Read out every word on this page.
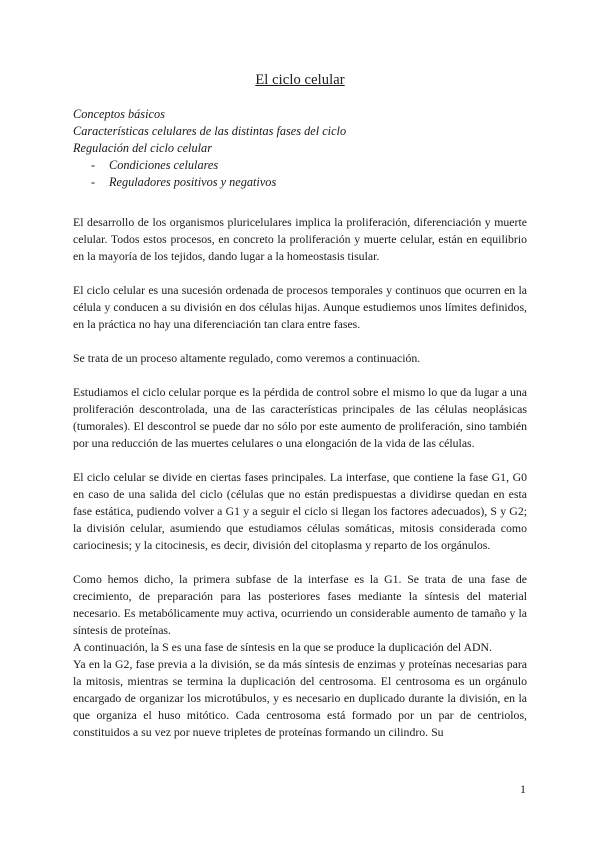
El ciclo celular
Conceptos básicos
Características celulares de las distintas fases del ciclo
Regulación del ciclo celular
- Condiciones celulares
- Reguladores positivos y negativos

El desarrollo de los organismos pluricelulares implica la proliferación, diferenciación y muerte celular. Todos estos procesos, en concreto la proliferación y muerte celular, están en equilibrio en la mayoría de los tejidos, dando lugar a la homeostasis tisular.

El ciclo celular es una sucesión ordenada de procesos temporales y continuos que ocurren en la célula y conducen a su división en dos células hijas. Aunque estudiemos unos límites definidos, en la práctica no hay una diferenciación tan clara entre fases.

Se trata de un proceso altamente regulado, como veremos a continuación.

Estudiamos el ciclo celular porque es la pérdida de control sobre el mismo lo que da lugar a una proliferación descontrolada, una de las características principales de las células neoplásicas (tumorales). El descontrol se puede dar no sólo por este aumento de proliferación, sino también por una reducción de las muertes celulares o una elongación de la vida de las células.

El ciclo celular se divide en ciertas fases principales. La interfase, que contiene la fase G1, G0 en caso de una salida del ciclo (células que no están predispuestas a dividirse quedan en esta fase estática, pudiendo volver a G1 y a seguir el ciclo si llegan los factores adecuados), S y G2; la división celular, asumiendo que estudiamos células somáticas, mitosis considerada como cariocinesis; y la citocinesis, es decir, división del citoplasma y reparto de los orgánulos.

Como hemos dicho, la primera subfase de la interfase es la G1. Se trata de una fase de crecimiento, de preparación para las posteriores fases mediante la síntesis del material necesario. Es metabólicamente muy activa, ocurriendo un considerable aumento de tamaño y la síntesis de proteínas.

A continuación, la S es una fase de síntesis en la que se produce la duplicación del ADN.

Ya en la G2, fase previa a la división, se da más síntesis de enzimas y proteínas necesarias para la mitosis, mientras se termina la duplicación del centrosoma. El centrosoma es un orgánulo encargado de organizar los microtúbulos, y es necesario en duplicado durante la división, en la que organiza el huso mitótico. Cada centrosoma está formado por un par de centriolos, constituidos a su vez por nueve tripletes de proteínas formando un cilindro. Su

1
